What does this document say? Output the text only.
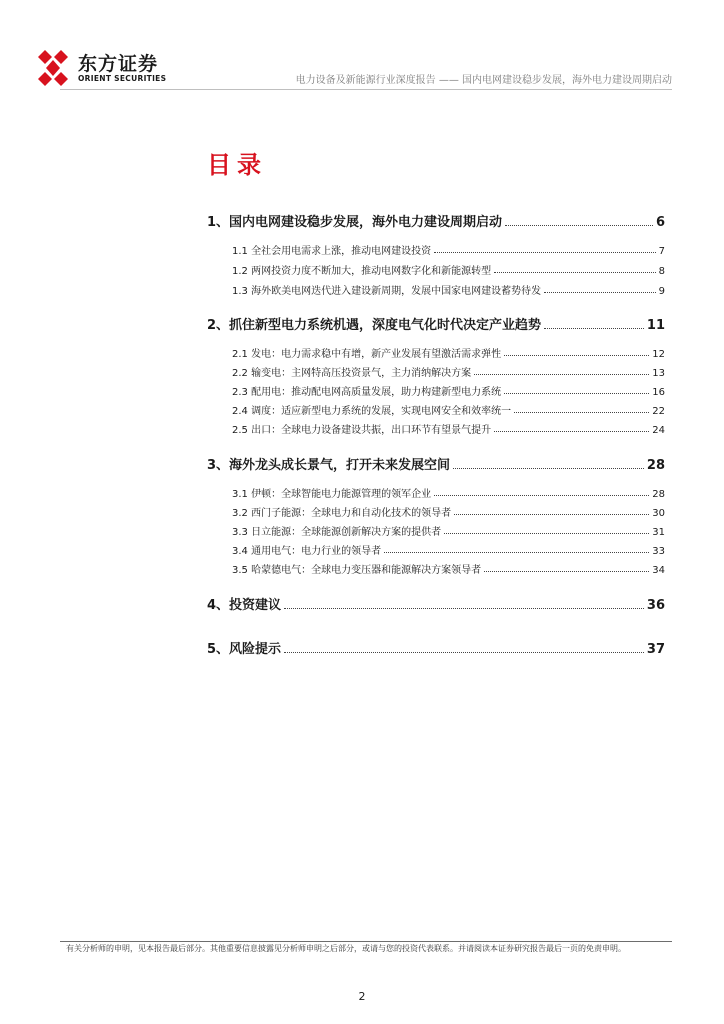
东方证券
ORIENT SECURITIES	电力设备及新能源行业深度报告 —— 国内电网建设稳步发展，海外电力建设周期启动
目录
1、国内电网建设稳步发展，海外电力建设周期启动	6
1.1 全社会用电需求上涨，推动电网建设投资	7
1.2 两网投资力度不断加大，推动电网数字化和新能源转型	8
1.3 海外欧美电网迭代进入建设新周期，发展中国家电网建设蓄势待发	9
2、抓住新型电力系统机遇，深度电气化时代决定产业趋势	11
2.1 发电：电力需求稳中有增，新产业发展有望激活需求弹性	12
2.2 输变电：主网特高压投资景气，主力消纳解决方案	13
2.3 配用电：推动配电网高质量发展，助力构建新型电力系统	16
2.4 调度：适应新型电力系统的发展，实现电网安全和效率统一	22
2.5 出口：全球电力设备建设共振，出口环节有望景气提升	24
3、海外龙头成长景气，打开未来发展空间	28
3.1 伊顿：全球智能电力能源管理的领军企业	28
3.2 西门子能源：全球电力和自动化技术的领导者	30
3.3 日立能源：全球能源创新解决方案的提供者	31
3.4 通用电气：电力行业的领导者	33
3.5 哈蒙德电气：全球电力变压器和能源解决方案领导者	34
4、投资建议	36
5、风险提示	37
有关分析师的申明，见本报告最后部分。其他重要信息披露见分析师申明之后部分，或请与您的投资代表联系。并请阅读本证券研究报告最后一页的免责申明。
2
